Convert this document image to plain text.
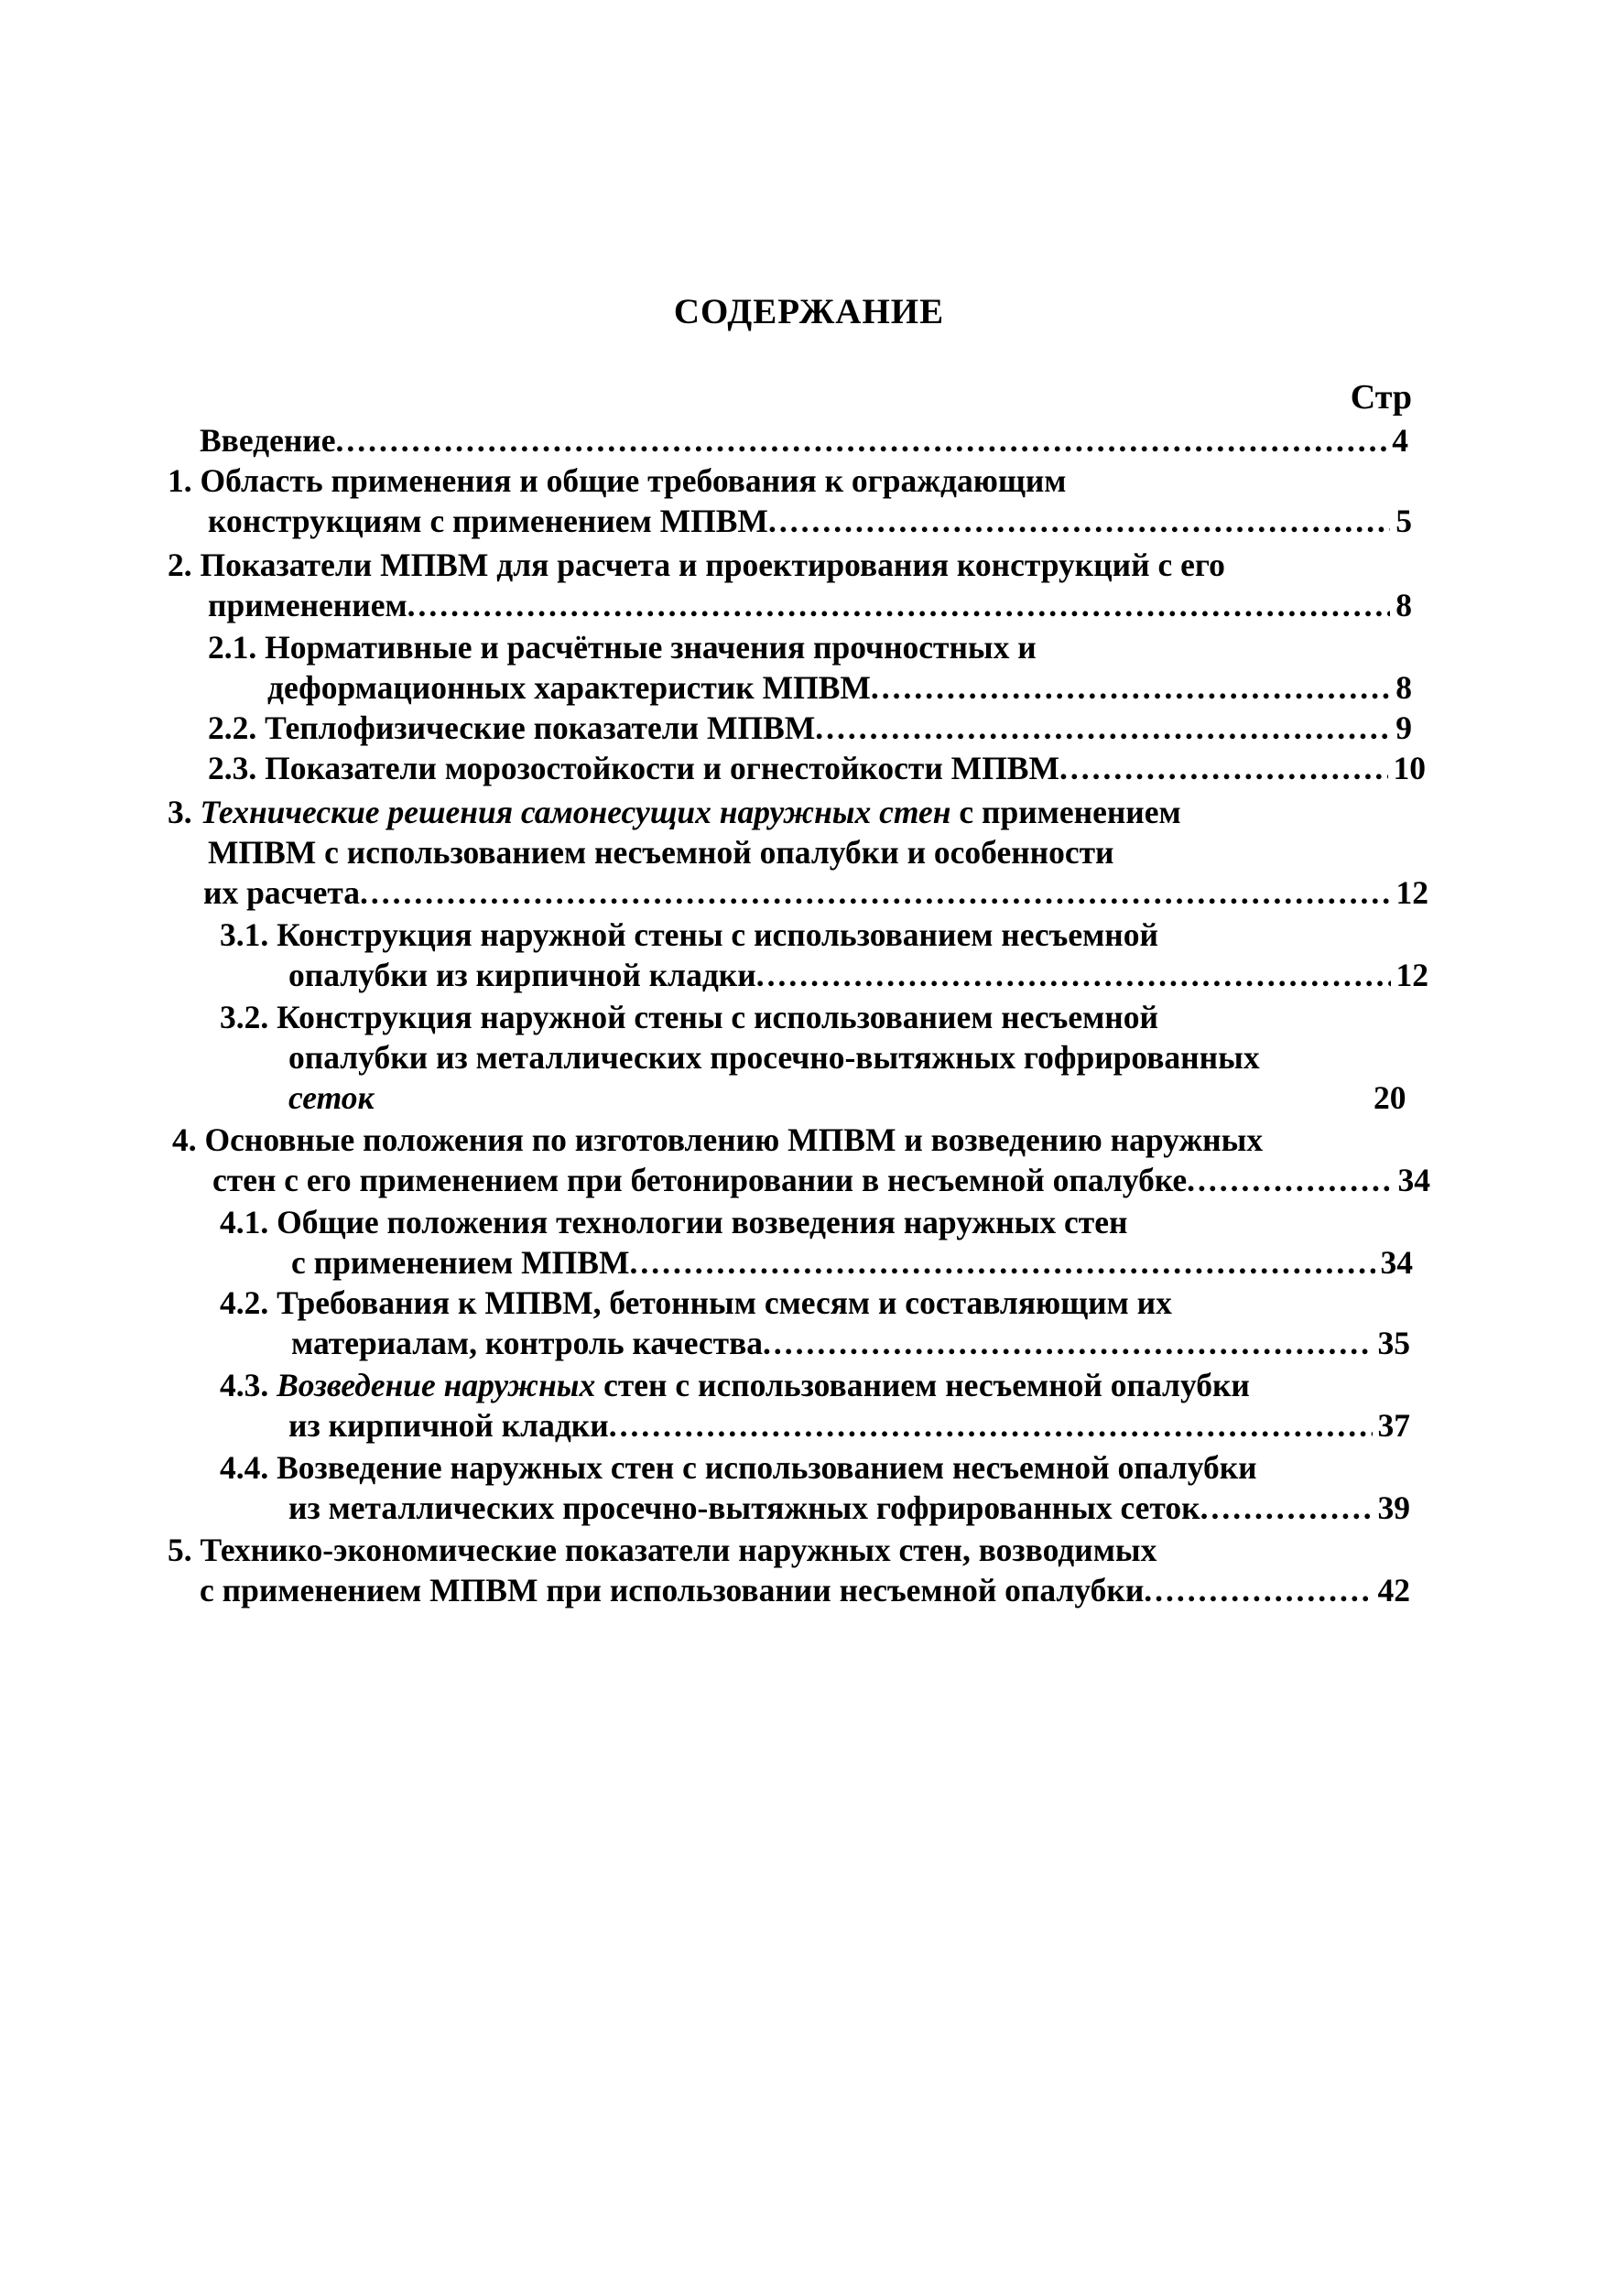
СОДЕРЖАНИЕ
Стр
Введение .....	4
1. Область применения и общие требования к ограждающим
конструкциям с применением МПВМ .....	5
2. Показатели МПВМ для расчета и проектирования конструкций с его
применением .....	8
2.1. Нормативные и расчётные значения прочностных и
деформационных характеристик МПВМ .....	8
2.2. Теплофизические показатели МПВМ .....	9
2.3. Показатели морозостойкости и огнестойкости МПВМ .....	10
3. Технические решения самонесущих наружных стен с применением
МПВМ с использованием несъемной опалубки и особенности
их расчета .....	12
3.1. Конструкция наружной стены с использованием несъемной
опалубки из кирпичной кладки .....	12
3.2. Конструкция наружной стены с использованием несъемной
опалубки из металлических просечно-вытяжных гофрированных
сеток	20
4. Основные положения по изготовлению МПВМ и возведению наружных
стен с его применением при бетонировании в несъемной опалубке .....	34
4.1. Общие положения технологии возведения наружных стен
с применением МПВМ .....	34
4.2. Требования к МПВМ, бетонным смесям и составляющим их
материалам, контроль качества .....	35
4.3. Возведение наружных стен с использованием несъемной опалубки
из кирпичной кладки .....	37
4.4. Возведение наружных стен с использованием несъемной опалубки
из металлических просечно-вытяжных гофрированных сеток .....	39
5. Технико-экономические показатели наружных стен, возводимых
с применением МПВМ при использовании несъемной опалубки .....	42
